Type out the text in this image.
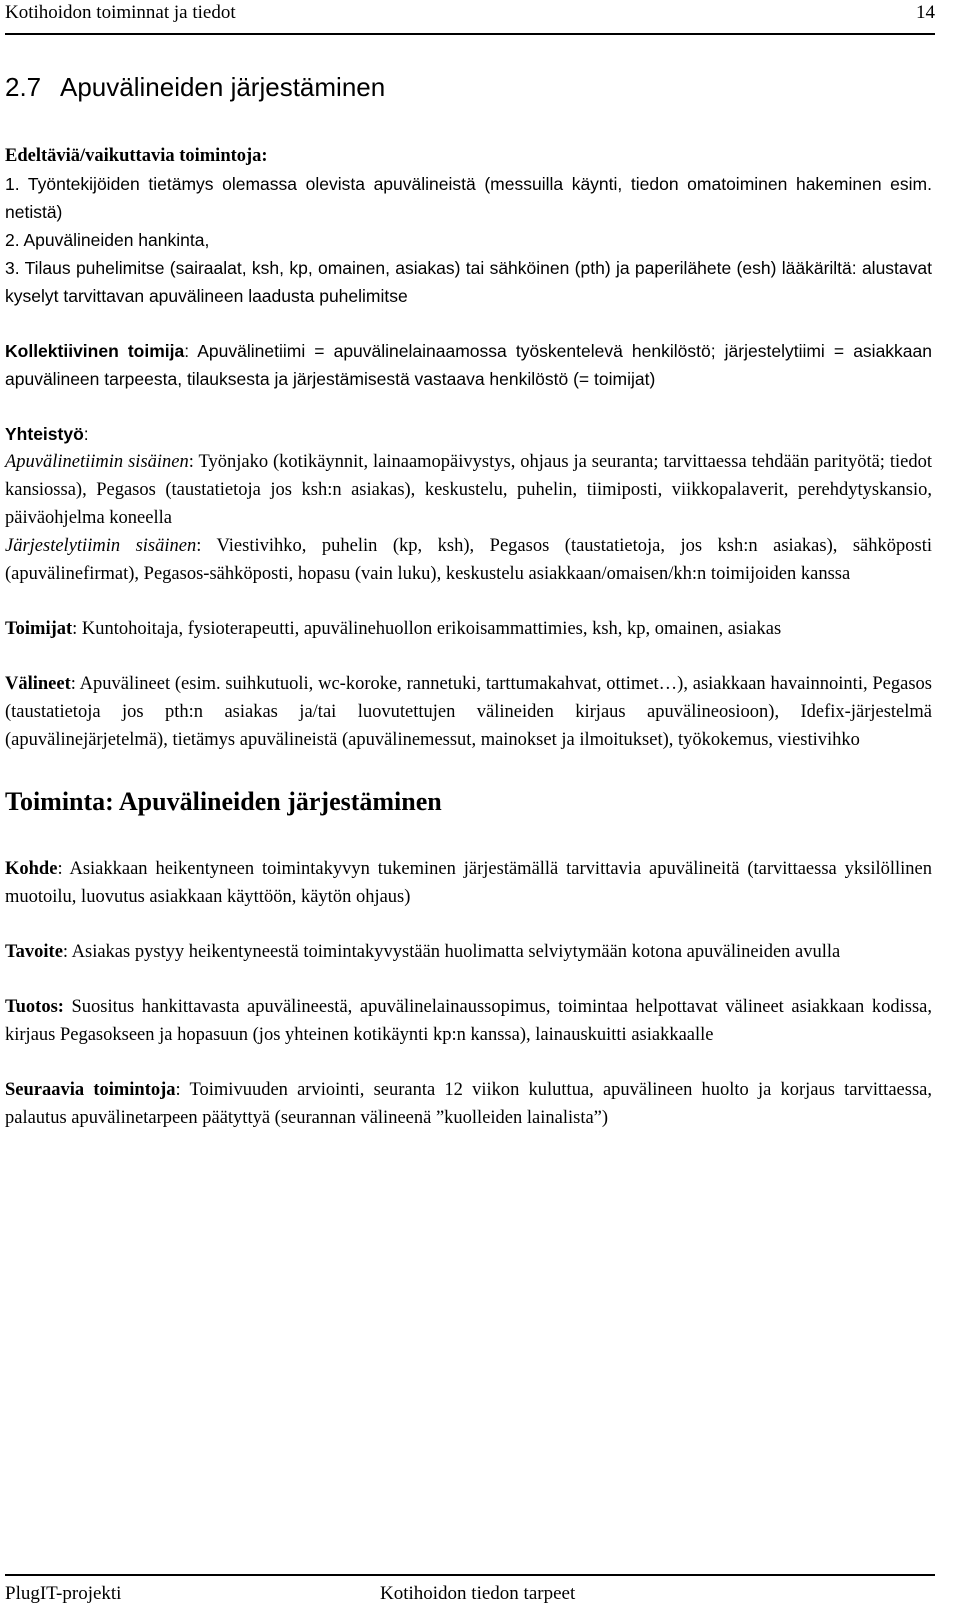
Kotihoidon toiminnat ja tiedot	14
2.7 Apuvälineiden järjestäminen

Edeltäviä/vaikuttavia toimintoja:

1. Työntekijöiden tietämys olemassa olevista apuvälineistä (messuilla käynti, tiedon omatoiminen hakeminen esim. netistä)

2. Apuvälineiden hankinta,

3. Tilaus puhelimitse (sairaalat, ksh, kp, omainen, asiakas) tai sähköinen (pth) ja paperilähete (esh) lääkäriltä: alustavat kyselyt tarvittavan apuvälineen laadusta puhelimitse

Kollektiivinen toimija: Apuvälinetiimi = apuvälinelainaamossa työskentelevä henkilöstö; järjestelytiimi = asiakkaan apuvälineen tarpeesta, tilauksesta ja järjestämisestä vastaava henkilöstö (= toimijat)

Yhteistyö:

Apuvälinetiimin sisäinen: Työnjako (kotikäynnit, lainaamopäivystys, ohjaus ja seuranta; tarvittaessa tehdään parityötä; tiedot kansiossa), Pegasos (taustatietoja jos ksh:n asiakas), keskustelu, puhelin, tiimiposti, viikkopalaverit, perehdytyskansio, päiväohjelma koneella

Järjestelytiimin sisäinen: Viestivihko, puhelin (kp, ksh), Pegasos (taustatietoja, jos ksh:n asiakas), sähköposti (apuvälinefirmat), Pegasos-sähköposti, hopasu (vain luku), keskustelu asiakkaan/omaisen/kh:n toimijoiden kanssa

Toimijat: Kuntohoitaja, fysioterapeutti, apuvälinehuollon erikoisammattimies, ksh, kp, omainen, asiakas

Välineet: Apuvälineet (esim. suihkutuoli, wc-koroke, rannetuki, tarttumakahvat, ottimet…), asiakkaan havainnointi, Pegasos (taustatietoja jos pth:n asiakas ja/tai luovutettujen välineiden kirjaus apuvälineosioon), Idefix-järjestelmä (apuvälinejärjetelmä), tietämys apuvälineistä (apuvälinemessut, mainokset ja ilmoitukset), työkokemus, viestivihko

Toiminta: Apuvälineiden järjestäminen

Kohde: Asiakkaan heikentyneen toimintakyvyn tukeminen järjestämällä tarvittavia apuvälineitä (tarvittaessa yksilöllinen muotoilu, luovutus asiakkaan käyttöön, käytön ohjaus)

Tavoite: Asiakas pystyy heikentyneestä toimintakyvystään huolimatta selviytymään kotona apuvälineiden avulla

Tuotos: Suositus hankittavasta apuvälineestä, apuvälinelainaussopimus, toimintaa helpottavat välineet asiakkaan kodissa, kirjaus Pegasokseen ja hopasuun (jos yhteinen kotikäynti kp:n kanssa), lainauskuitti asiakkaalle

Seuraavia toimintoja: Toimivuuden arviointi, seuranta 12 viikon kuluttua, apuvälineen huolto ja korjaus tarvittaessa, palautus apuvälinetarpeen päätyttyä (seurannan välineenä ”kuolleiden lainalista”)

PlugIT-projekti	Kotihoidon tiedon tarpeet
